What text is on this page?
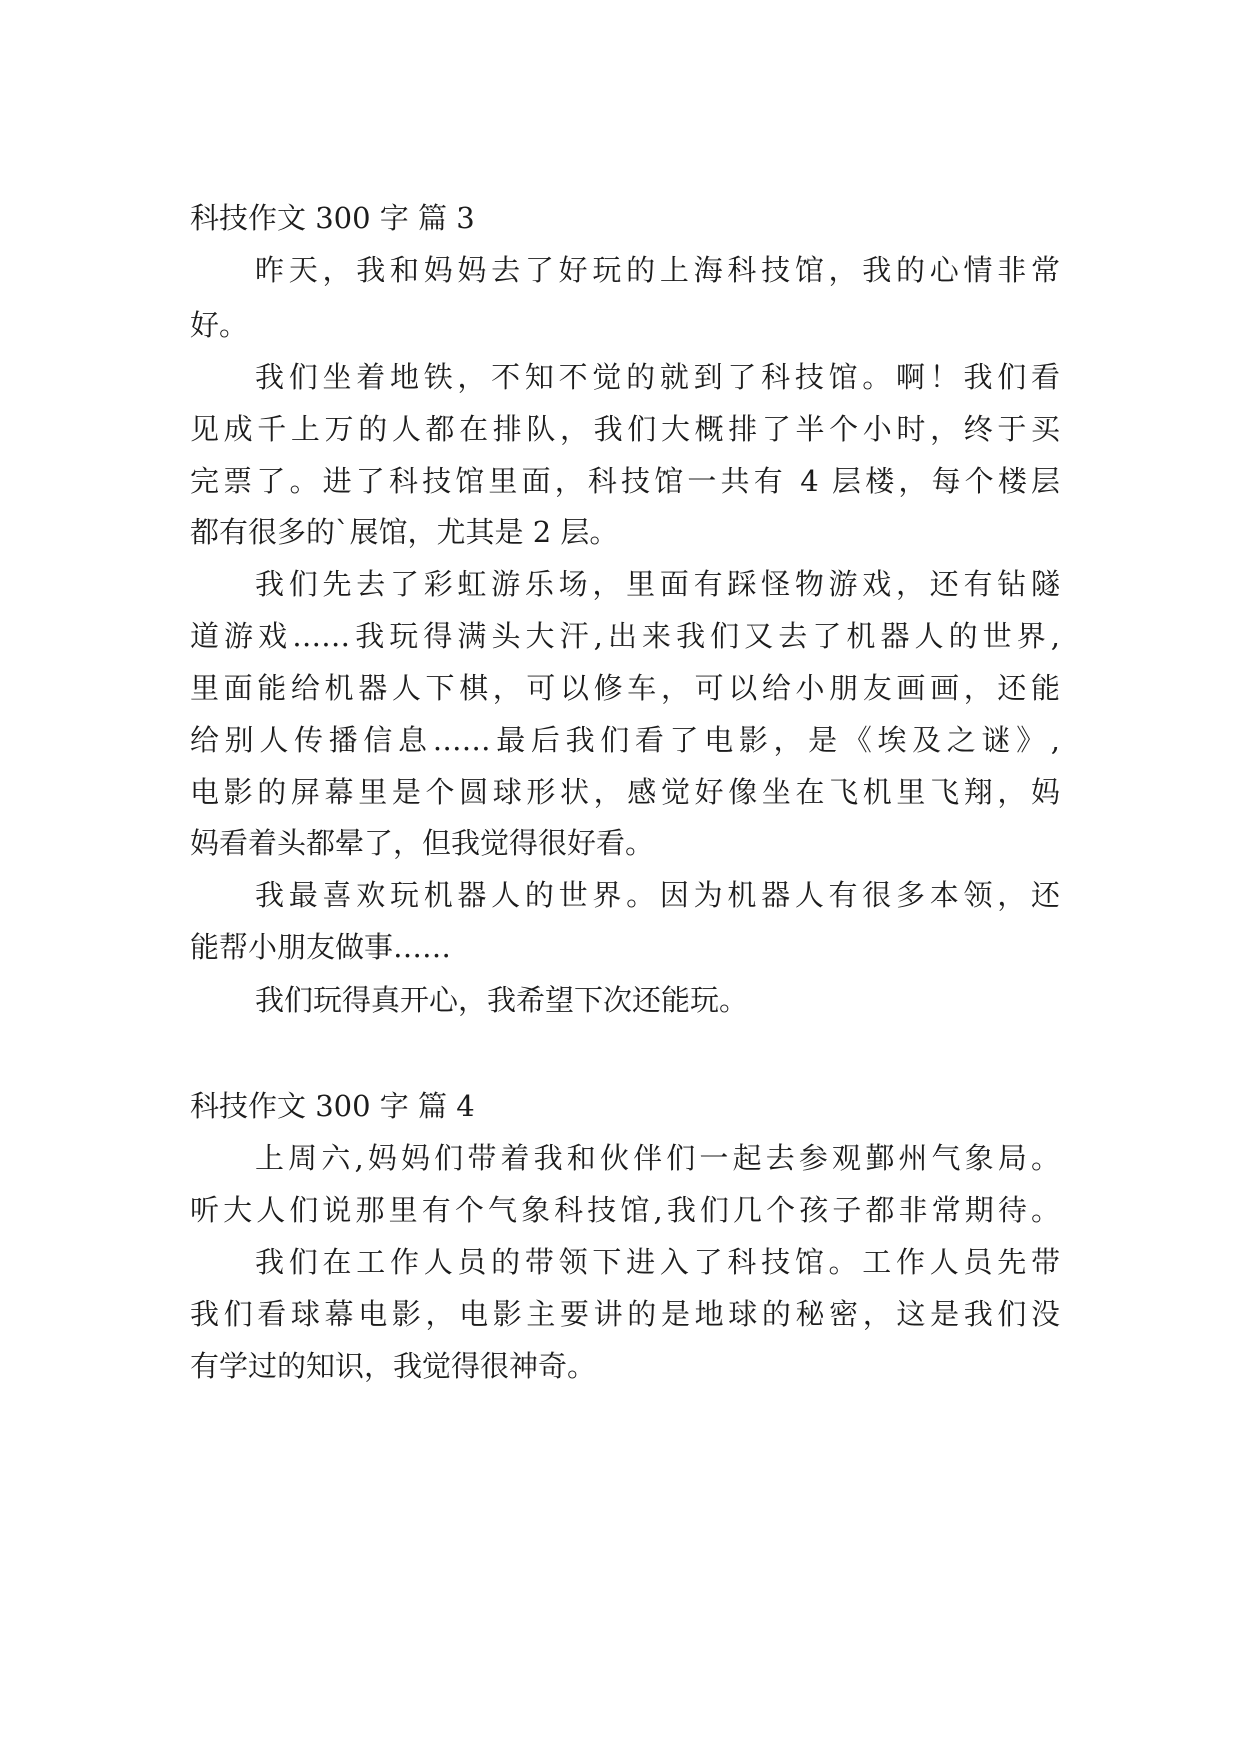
科技作文 300 字 篇 3

昨天，我和妈妈去了好玩的上海科技馆，我的心情非常

好。

我们坐着地铁，不知不觉的就到了科技馆。啊！我们看

见成千上万的人都在排队，我们大概排了半个小时，终于买

完票了。进了科技馆里面，科技馆一共有 4 层楼，每个楼层

都有很多的`展馆，尤其是 2 层。

我们先去了彩虹游乐场，里面有踩怪物游戏，还有钻隧

道游戏……我玩得满头大汗,出来我们又去了机器人的世界,

里面能给机器人下棋，可以修车，可以给小朋友画画，还能

给别人传播信息……最后我们看了电影，是《埃及之谜》,

电影的屏幕里是个圆球形状，感觉好像坐在飞机里飞翔，妈

妈看着头都晕了，但我觉得很好看。

我最喜欢玩机器人的世界。因为机器人有很多本领，还

能帮小朋友做事……

我们玩得真开心，我希望下次还能玩。

科技作文 300 字 篇 4

上周六,妈妈们带着我和伙伴们一起去参观鄞州气象局。

听大人们说那里有个气象科技馆,我们几个孩子都非常期待。

我们在工作人员的带领下进入了科技馆。工作人员先带

我们看球幕电影，电影主要讲的是地球的秘密，这是我们没

有学过的知识，我觉得很神奇。
